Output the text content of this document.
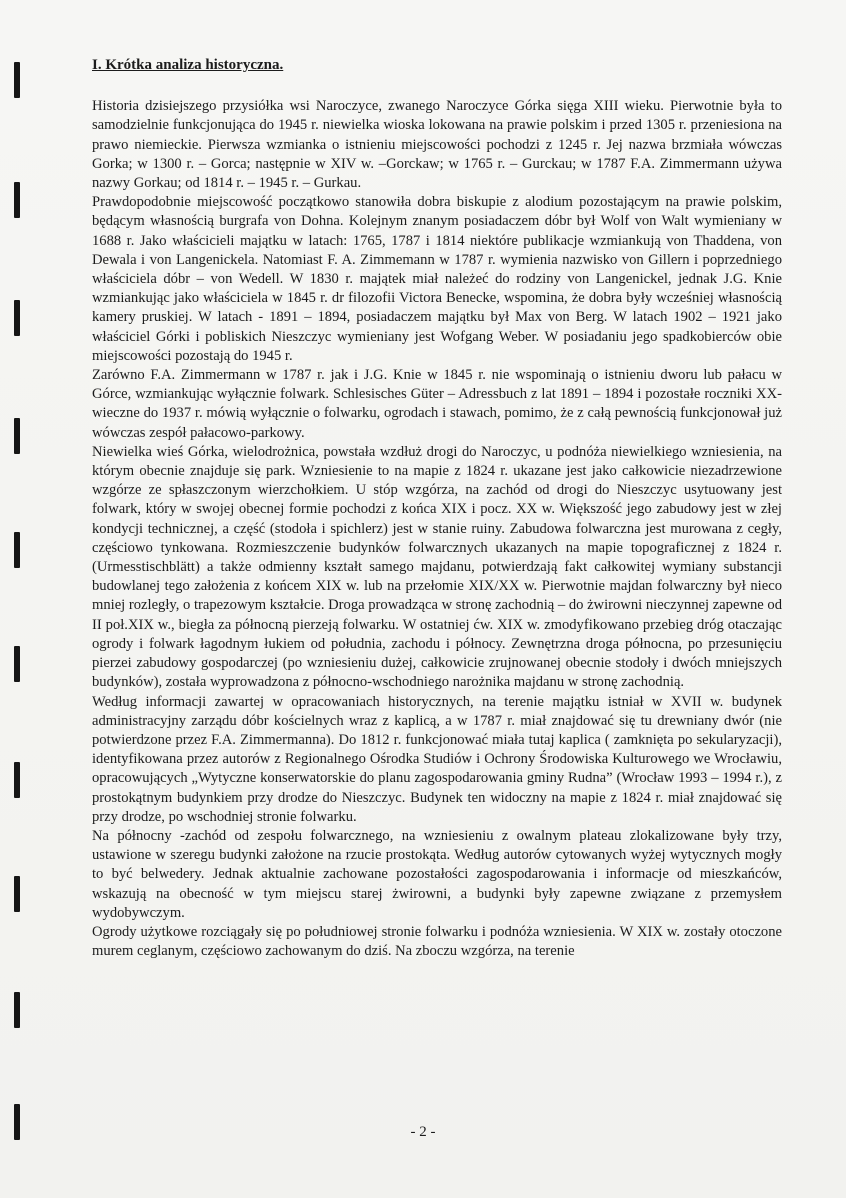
I. Krótka analiza historyczna.

Historia dzisiejszego przysiółka wsi Naroczyce, zwanego Naroczyce Górka sięga XIII wieku. Pierwotnie była to samodzielnie funkcjonująca do 1945 r. niewielka wioska lokowana na prawie polskim i przed 1305 r. przeniesiona na prawo niemieckie. Pierwsza wzmianka o istnieniu miejscowości pochodzi z 1245 r. Jej nazwa brzmiała wówczas Gorka; w 1300 r. – Gorca; następnie w XIV w. –Gorckaw; w 1765 r. – Gurckau; w 1787 F.A. Zimmermann używa nazwy Gorkau; od 1814 r. – 1945 r. – Gurkau.

Prawdopodobnie miejscowość początkowo stanowiła dobra biskupie z alodium pozostającym na prawie polskim, będącym własnością burgrafa von Dohna. Kolejnym znanym posiadaczem dóbr był Wolf von Walt wymieniany w 1688 r. Jako właścicieli majątku w latach: 1765, 1787 i 1814 niektóre publikacje wzmiankują von Thaddena, von Dewala i von Langenickela. Natomiast F. A. Zimmemann w 1787 r. wymienia nazwisko von Gillern i poprzedniego właściciela dóbr – von Wedell. W 1830 r. majątek miał należeć do rodziny von Langenickel, jednak J.G. Knie wzmiankując jako właściciela w 1845 r. dr filozofii Victora Benecke, wspomina, że dobra były wcześniej własnością kamery pruskiej. W latach - 1891 – 1894, posiadaczem majątku był Max von Berg. W latach 1902 – 1921 jako właściciel Górki i pobliskich Nieszczyc wymieniany jest Wofgang Weber. W posiadaniu jego spadkobierców obie miejscowości pozostają do 1945 r.

Zarówno F.A. Zimmermann w 1787 r. jak i J.G. Knie w 1845 r. nie wspominają o istnieniu dworu lub pałacu w Górce, wzmiankując wyłącznie folwark. Schlesisches Güter – Adressbuch z lat 1891 – 1894 i pozostałe roczniki XX-wieczne do 1937 r. mówią wyłącznie o folwarku, ogrodach i stawach, pomimo, że z całą pewnością funkcjonował już wówczas zespół pałacowo-parkowy.

Niewielka wieś Górka, wielodrożnica, powstała wzdłuż drogi do Naroczyc, u podnóża niewielkiego wzniesienia, na którym obecnie znajduje się park. Wzniesienie to na mapie z 1824 r. ukazane jest jako całkowicie niezadrzewione wzgórze ze spłaszczonym wierzchołkiem. U stóp wzgórza, na zachód od drogi do Nieszczyc usytuowany jest folwark, który w swojej obecnej formie pochodzi z końca XIX i pocz. XX w. Większość jego zabudowy jest w złej kondycji technicznej, a część (stodoła i spichlerz) jest w stanie ruiny. Zabudowa folwarczna jest murowana z cegły, częściowo tynkowana. Rozmieszczenie budynków folwarcznych ukazanych na mapie topograficznej z 1824 r. (Urmesstischblätt) a także odmienny kształt samego majdanu, potwierdzają fakt całkowitej wymiany substancji budowlanej tego założenia z końcem XIX w. lub na przełomie XIX/XX w. Pierwotnie majdan folwarczny był nieco mniej rozległy, o trapezowym kształcie. Droga prowadząca w stronę zachodnią – do żwirowni nieczynnej zapewne od II poł.XIX w., biegła za północną pierzeją folwarku. W ostatniej ćw. XIX w. zmodyfikowano przebieg dróg otaczając ogrody i folwark łagodnym łukiem od południa, zachodu i północy. Zewnętrzna droga północna, po przesunięciu pierzei zabudowy gospodarczej (po wzniesieniu dużej, całkowicie zrujnowanej obecnie stodoły i dwóch mniejszych budynków), została wyprowadzona z północno-wschodniego narożnika majdanu w stronę zachodnią.

Według informacji zawartej w opracowaniach historycznych, na terenie majątku istniał w XVII w. budynek administracyjny zarządu dóbr kościelnych wraz z kaplicą, a w 1787 r. miał znajdować się tu drewniany dwór (nie potwierdzone przez F.A. Zimmermanna). Do 1812 r. funkcjonować miała tutaj kaplica ( zamknięta po sekularyzacji), identyfikowana przez autorów z Regionalnego Ośrodka Studiów i Ochrony Środowiska Kulturowego we Wrocławiu, opracowujących „Wytyczne konserwatorskie do planu zagospodarowania gminy Rudna” (Wrocław 1993 – 1994 r.), z prostokątnym budynkiem przy drodze do Nieszczyc. Budynek ten widoczny na mapie z 1824 r. miał znajdować się przy drodze, po wschodniej stronie folwarku.

Na północny -zachód od zespołu folwarcznego, na wzniesieniu z owalnym plateau zlokalizowane były trzy, ustawione w szeregu budynki założone na rzucie prostokąta. Według autorów cytowanych wyżej wytycznych mogły to być belwedery. Jednak aktualnie zachowane pozostałości zagospodarowania i informacje od mieszkańców, wskazują na obecność w tym miejscu starej żwirowni, a budynki były zapewne związane z przemysłem wydobywczym.

Ogrody użytkowe rozciągały się po południowej stronie folwarku i podnóża wzniesienia. W XIX w. zostały otoczone murem ceglanym, częściowo zachowanym do dziś. Na zboczu wzgórza, na terenie

- 2 -
